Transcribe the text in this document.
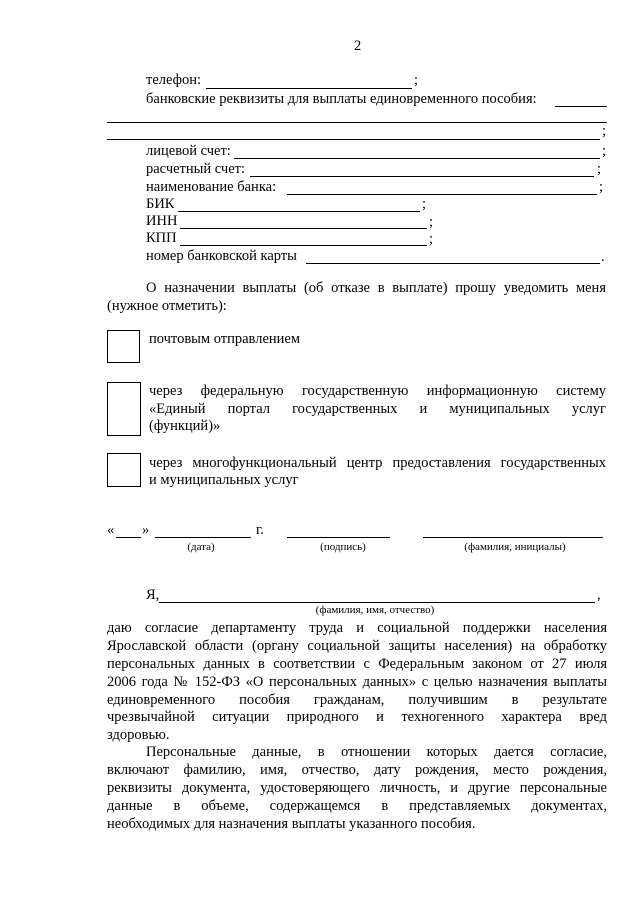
2
телефон:	;
банковские реквизиты для выплаты единовременного пособия:
;
лицевой счет:	;
расчетный счет:	;
наименование банка:	;
БИК	;
ИНН	;
КПП	;
номер банковской карты	.
О назначении выплаты (об отказе в выплате) прошу уведомить меня
(нужное отметить):
почтовым отправлением
через федеральную государственную информационную систему
«Единый портал государственных и муниципальных услуг
(функций)»
через многофункциональный центр предоставления государственных
и муниципальных услуг
« »	г.
(дата)	(подпись)	(фамилия, инициалы)
Я,	,
(фамилия, имя, отчество)
даю согласие департаменту труда и социальной поддержки населения
Ярославской области (органу социальной защиты населения) на обработку
персональных данных в соответствии с Федеральным законом от 27 июля
2006 года № 152-ФЗ «О персональных данных» с целью назначения выплаты
единовременного пособия гражданам, получившим в результате
чрезвычайной ситуации природного и техногенного характера вред
здоровью.
Персональные данные, в отношении которых дается согласие,
включают фамилию, имя, отчество, дату рождения, место рождения,
реквизиты документа, удостоверяющего личность, и другие персональные
данные в объеме, содержащемся в представляемых документах,
необходимых для назначения выплаты указанного пособия.
